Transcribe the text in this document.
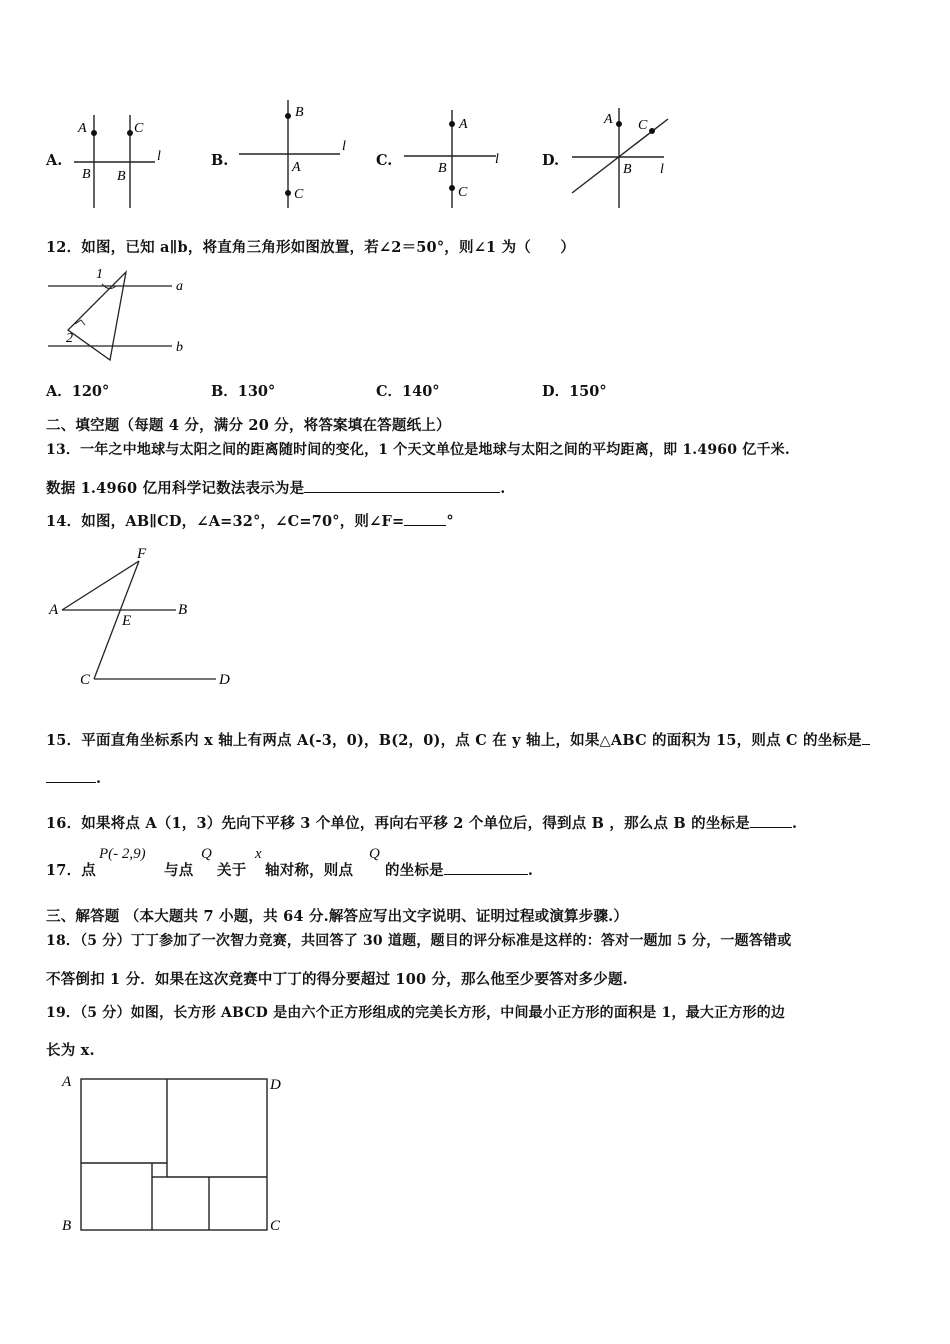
A.
A	C
B B
l	B.
B
A
C
l
C.
A
B
C
l	D.
A C
B l
12．如图，已知 a∥b，将直角三角形如图放置，若∠2＝50°，则∠1 为（　　）
1
2
a
b
A．120°	B．130°	C．140°	D．150°
二、填空题（每题 4 分，满分 20 分，将答案填在答题纸上）
13．一年之中地球与太阳之间的距离随时间的变化，1 个天文单位是地球与太阳之间的平均距离，即 1.4960 亿千米.
数据 1.4960 亿用科学记数法表示为是	.
14．如图，AB∥CD，∠A=32°，∠C=70°，则∠F=	°
F
A	B
E
C	D
15．平面直角坐标系内 x 轴上有两点 A(-3，0)，B(2，0)，点 C 在 y 轴上，如果△ABC 的面积为 15，则点 C 的坐标是
.
16．如果将点 A（1，3）先向下平移 3 个单位，再向右平移 2 个单位后，得到点 B ，那么点 B 的坐标是	.
17．点
P(- 2,9)
与点
Q
关于
x
轴对称，则点
Q
的坐标是	.
三、解答题 （本大题共 7 小题，共 64 分.解答应写出文字说明、证明过程或演算步骤.）
18．（5 分）丁丁参加了一次智力竞赛，共回答了 30 道题，题目的评分标准是这样的：答对一题加 5 分，一题答错或
不答倒扣 1 分．如果在这次竞赛中丁丁的得分要超过 100 分，那么他至少要答对多少题.
19．（5 分）如图，长方形 ABCD 是由六个正方形组成的完美长方形，中间最小正方形的面积是 1，最大正方形的边
长为 x.
A	D
B	C
